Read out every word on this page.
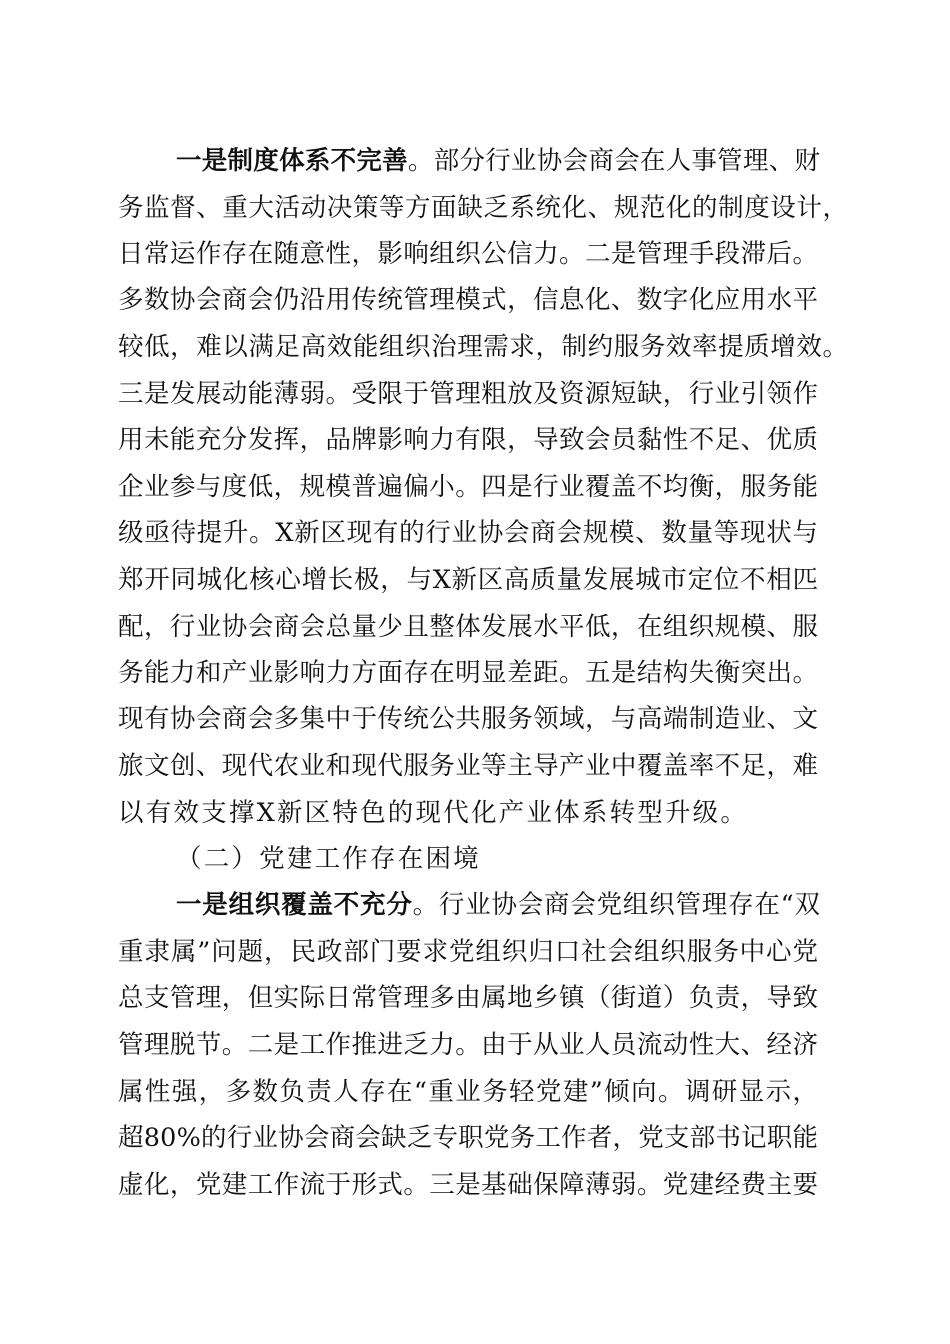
一 是 制 度 体 系 不 完 善 。 部 分 行 业 协 会 商 会 在 人 事 管 理 、 财
务 监 督 、 重 大 活 动 决 策 等 方 面 缺 乏 系 统 化 、 规 范 化 的 制 度 设 计 ，
日 常 运 作 存 在 随 意 性 ， 影 响 组 织 公 信 力 。 二 是 管 理 手 段 滞 后 。
多 数 协 会 商 会 仍 沿 用 传 统 管 理 模 式 ， 信 息 化 、 数 字 化 应 用 水 平
较 低 ， 难 以 满 足 高 效 能 组 织 治 理 需 求 ， 制 约 服 务 效 率 提 质 增 效 。
三 是 发 展 动 能 薄 弱 。 受 限 于 管 理 粗 放 及 资 源 短 缺 ， 行 业 引 领 作
用 未 能 充 分 发 挥 ， 品 牌 影 响 力 有 限 ， 导 致 会 员 黏 性 不 足 、 优 质
企 业 参 与 度 低 ， 规 模 普 遍 偏 小 。 四 是 行 业 覆 盖 不 均 衡 ， 服 务 能
级 亟 待 提 升 。 X 新 区 现 有 的 行 业 协 会 商 会 规 模 、 数 量 等 现 状 与
郑 开 同 城 化 核 心 增 长 极 ， 与 X 新 区 高 质 量 发 展 城 市 定 位 不 相 匹
配 ， 行 业 协 会 商 会 总 量 少 且 整 体 发 展 水 平 低 ， 在 组 织 规 模 、 服
务 能 力 和 产 业 影 响 力 方 面 存 在 明 显 差 距 。 五 是 结 构 失 衡 突 出 。
现 有 协 会 商 会 多 集 中 于 传 统 公 共 服 务 领 域 ， 与 高 端 制 造 业 、 文
旅 文 创 、 现 代 农 业 和 现 代 服 务 业 等 主 导 产 业 中 覆 盖 率 不 足 ， 难
以 有 效 支 撑 X 新 区 特 色 的 现 代 化 产 业 体 系 转 型 升 级 。
（ 二 ） 党 建 工 作 存 在 困 境
一 是 组 织 覆 盖 不 充 分 。 行 业 协 会 商 会 党 组 织 管 理 存 在 “ 双
重 隶 属 ” 问 题 ， 民 政 部 门 要 求 党 组 织 归 口 社 会 组 织 服 务 中 心 党
总 支 管 理 ， 但 实 际 日 常 管 理 多 由 属 地 乡 镇 （ 街 道 ） 负 责 ， 导 致
管 理 脱 节 。 二 是 工 作 推 进 乏 力 。 由 于 从 业 人 员 流 动 性 大 、 经 济
属 性 强 ， 多 数 负 责 人 存 在 “ 重 业 务 轻 党 建 ” 倾 向 。 调 研 显 示 ，
超 8 0 % 的 行 业 协 会 商 会 缺 乏 专 职 党 务 工 作 者 ， 党 支 部 书 记 职 能
虚 化 ， 党 建 工 作 流 于 形 式 。 三 是 基 础 保 障 薄 弱 。 党 建 经 费 主 要
